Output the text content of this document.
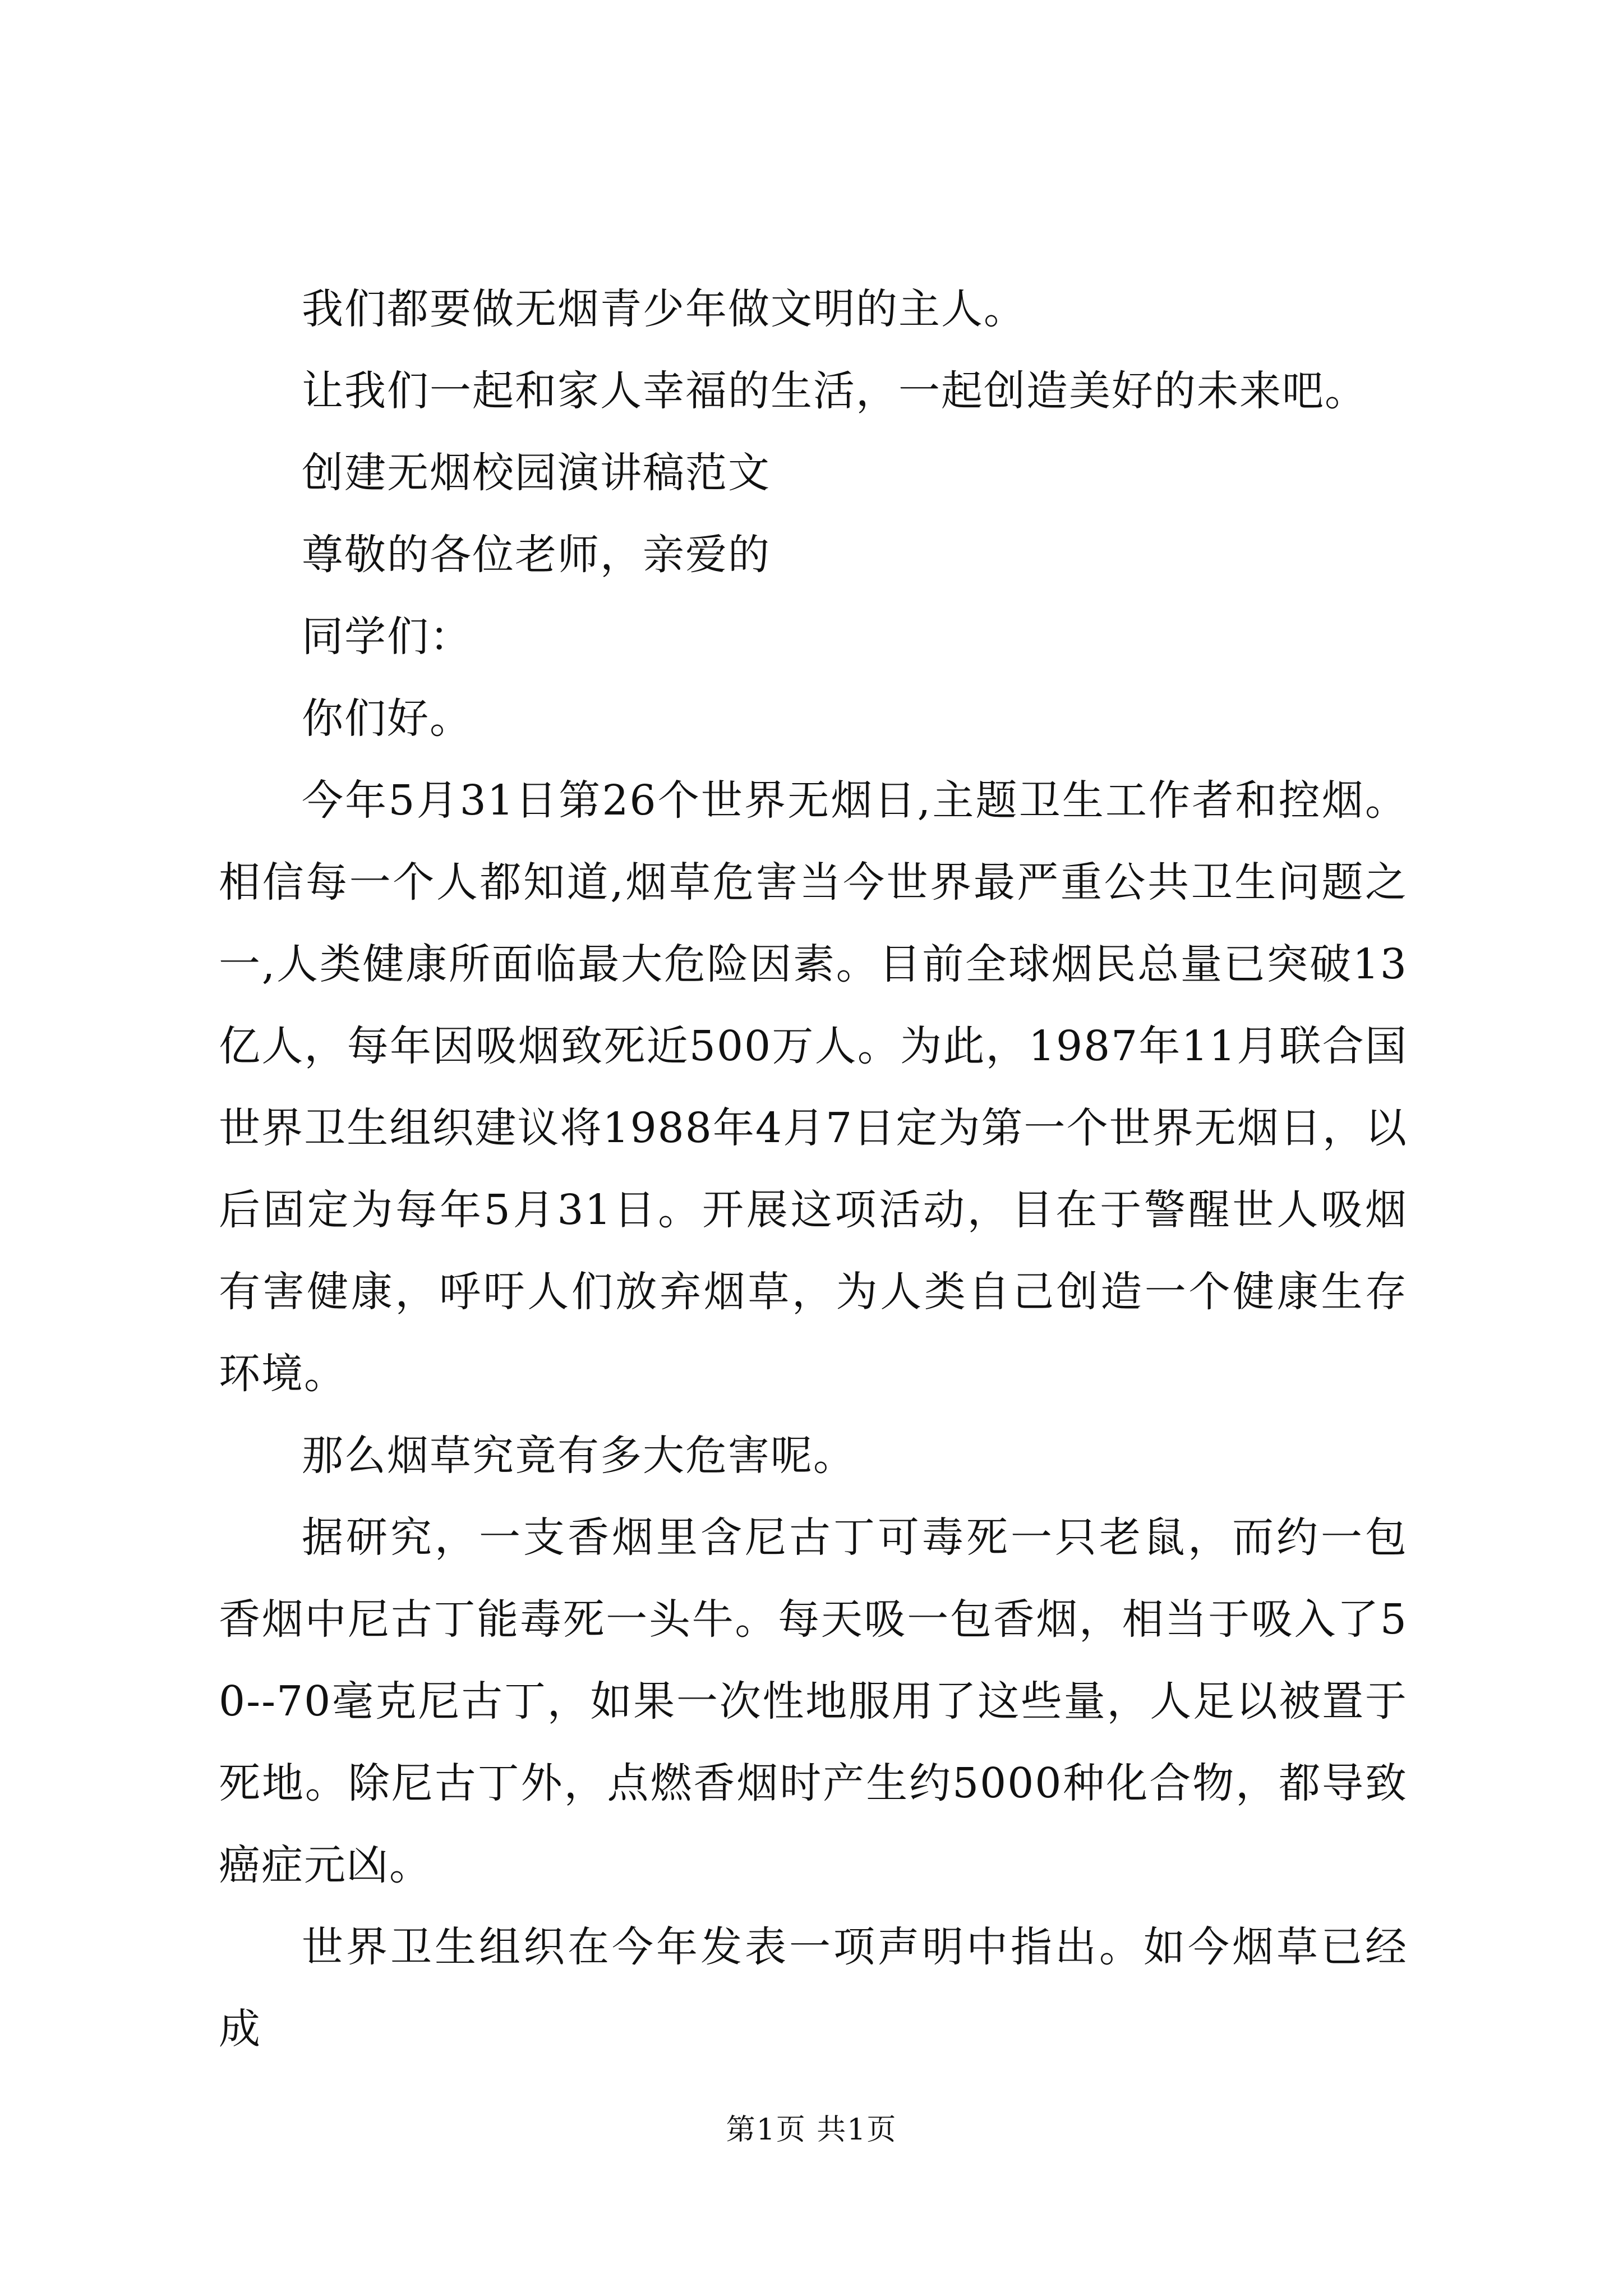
我们都要做无烟青少年做文明的主人。

让我们一起和家人幸福的生活，一起创造美好的未来吧。

创建无烟校园演讲稿范文

尊敬的各位老师，亲爱的

同学们：

你们好。

今年5月31日第26个世界无烟日,主题卫生工作者和控烟。相信每一个人都知道,烟草危害当今世界最严重公共卫生问题之一,人类健康所面临最大危险因素。目前全球烟民总量已突破13亿人，每年因吸烟致死近500万人。为此，1987年11月联合国世界卫生组织建议将1988年4月7日定为第一个世界无烟日，以后固定为每年5月31日。开展这项活动，目在于警醒世人吸烟有害健康，呼吁人们放弃烟草，为人类自己创造一个健康生存环境。

那么烟草究竟有多大危害呢。

据研究，一支香烟里含尼古丁可毒死一只老鼠，而约一包香烟中尼古丁能毒死一头牛。每天吸一包香烟，相当于吸入了50--70毫克尼古丁，如果一次性地服用了这些量，人足以被置于死地。除尼古丁外，点燃香烟时产生约5000种化合物，都导致癌症元凶。

世界卫生组织在今年发表一项声明中指出。如今烟草已经成

第1页 共1页
